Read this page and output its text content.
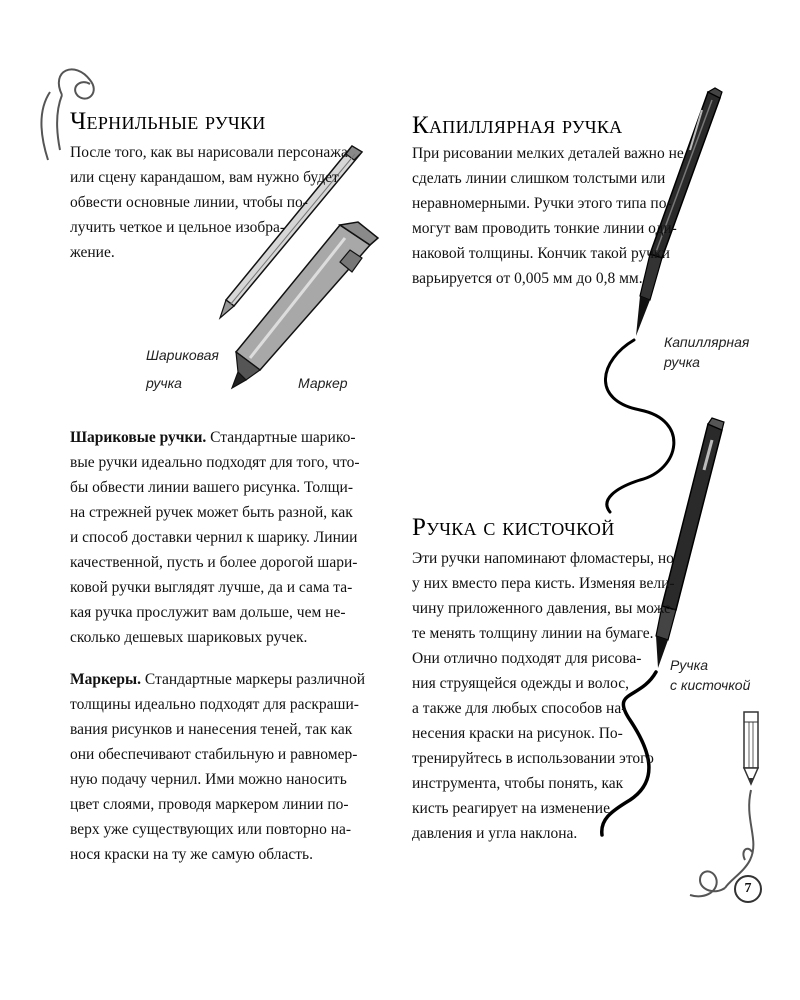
Чернильные ручки
После того, как вы нарисовали персонажа
или сцену карандашом, вам нужно будет
обвести основные линии, чтобы по-
лучить четкое и цельное изобра-
жение.
Шариковая
ручка	Маркер
Капиллярная ручка
При рисовании мелких деталей важно не
сделать линии слишком толстыми или
неравномерными. Ручки этого типа по-
могут вам проводить тонкие линии оди-
наковой толщины. Кончик такой ручки
варьируется от 0,005 мм до 0,8 мм.
Капиллярная
ручка
Шариковые ручки. Стандартные шарико-
вые ручки идеально подходят для того, что-
бы обвести линии вашего рисунка. Толщи-
на стрежней ручек может быть разной, как
и способ доставки чернил к шарику. Линии
качественной, пусть и более дорогой шари-
ковой ручки выглядят лучше, да и сама та-
кая ручка прослужит вам дольше, чем не-
сколько дешевых шариковых ручек.
Маркеры. Стандартные маркеры различной
толщины идеально подходят для раскраши-
вания рисунков и нанесения теней, так как
они обеспечивают стабильную и равномер-
ную подачу чернил. Ими можно наносить
цвет слоями, проводя маркером линии по-
верх уже существующих или повторно на-
нося краски на ту же самую область.
Ручка с кисточкой
Эти ручки напоминают фломастеры, но
у них вместо пера кисть. Изменяя вели-
чину приложенного давления, вы може-
те менять толщину линии на бумаге.
Они отлично подходят для рисова-
ния струящейся одежды и волос,
а также для любых способов на-
несения краски на рисунок. По-
тренируйтесь в использовании этого
инструмента, чтобы понять, как
кисть реагирует на изменение
давления и угла наклона.
Ручка
с кисточкой
7
